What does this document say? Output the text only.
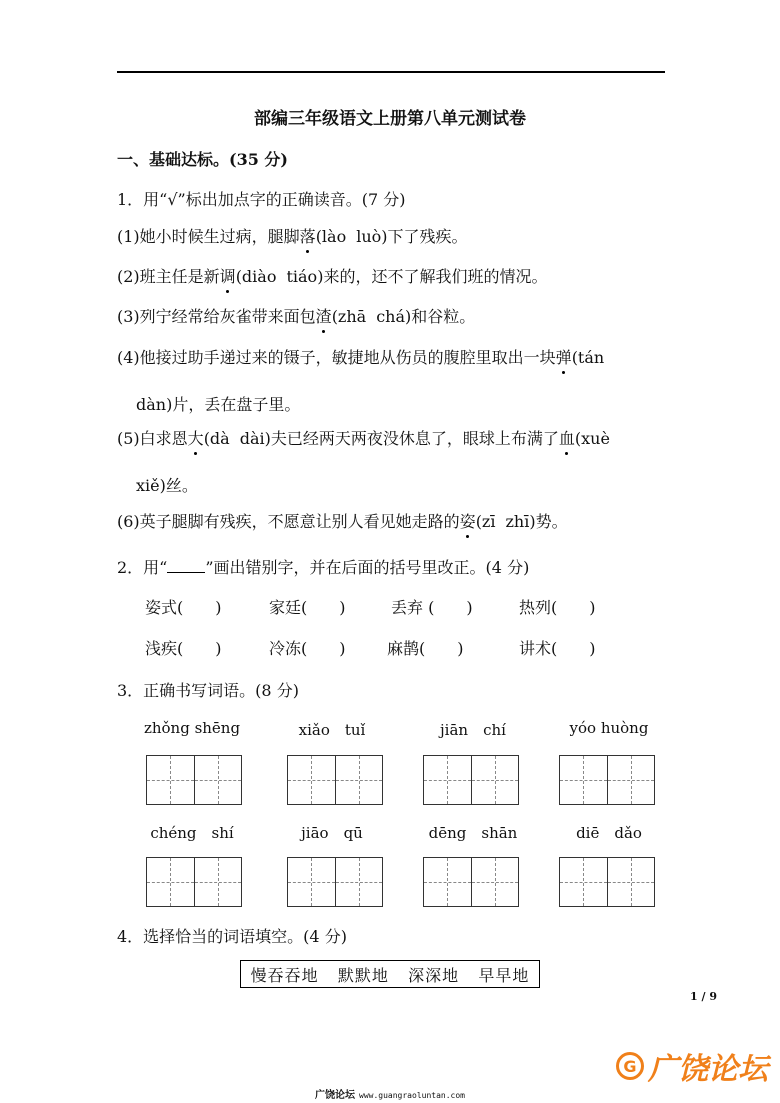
部编三年级语文上册第八单元测试卷
一、基础达标。(35 分)
1．用“√”标出加点字的正确读音。(7 分)
(1)她小时候生过病，腿脚落(lào luò)下了残疾。
(2)班主任是新调(diào tiáo)来的，还不了解我们班的情况。
(3)列宁经常给灰雀带来面包渣(zhā chá)和谷粒。
(4)他接过助手递过来的镊子，敏捷地从伤员的腹腔里取出一块弹(tán
dàn)片，丢在盘子里。
(5)白求恩大(dà dài)夫已经两天两夜没休息了，眼球上布满了血(xuè
xiě)丝。
(6)英子腿脚有残疾，不愿意让别人看见她走路的姿(zī zhī)势。
2．用“ ”画出错别字，并在后面的括号里改正。(4 分)
姿式(　　)	家廷(　　)	丢弃 (　　)	热列(　　)
浅疾(　　)	冷冻(　　)	麻鹊(　　)	讲术(　　)
3．正确书写词语。(8 分)
zhǒng shēng	xiǎo　tuǐ	jiān　chí	yóo huòng
chéng　shí	jiāo　qū	dēng　shān	diē　dǎo
4．选择恰当的词语填空。(4 分)
慢吞吞地 默默地 深深地 早早地
1 / 9
G 广饶论坛
广饶论坛 www.guangraoluntan.com
